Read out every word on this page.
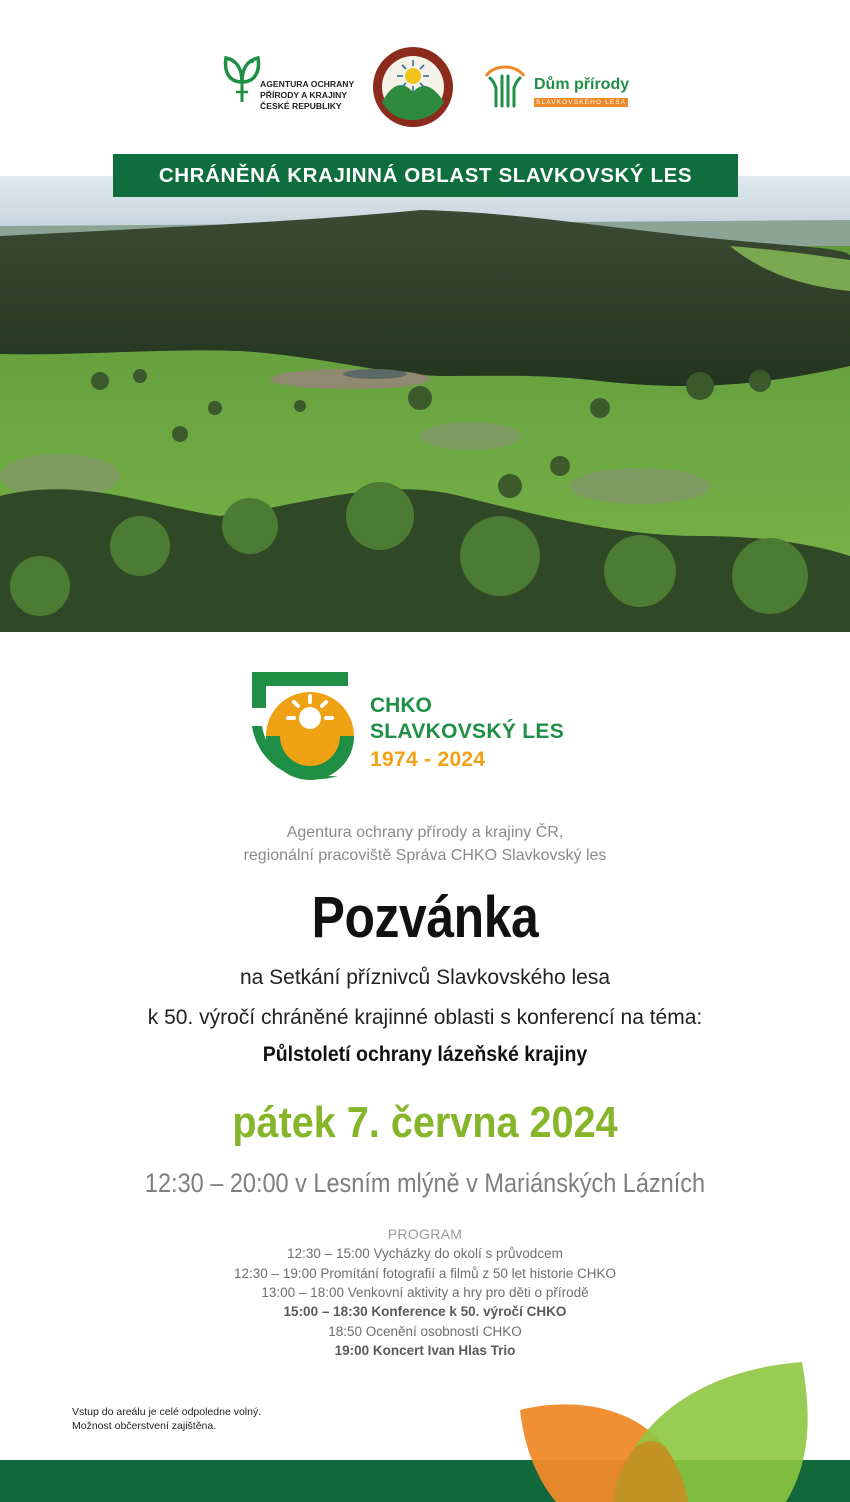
AGENTURA OCHRANY
PŘÍRODY A KRAJINY
ČESKÉ REPUBLIKY
Dům přírody
SLAVKOVSKÉHO LESA
CHRÁNĚNÁ KRAJINNÁ OBLAST SLAVKOVSKÝ LES
CHKO
SLAVKOVSKÝ LES
1974 - 2024
Agentura ochrany přírody a krajiny ČR,
regionální pracoviště Správa CHKO Slavkovský les
Pozvánka
na Setkání příznivců Slavkovského lesa
k 50. výročí chráněné krajinné oblasti s konferencí na téma:
Půlstoletí ochrany lázeňské krajiny
pátek 7. června 2024
12:30 – 20:00 v Lesním mlýně v Mariánských Lázních
PROGRAM
12:30 – 15:00 Vycházky do okolí s průvodcem
12:30 – 19:00 Promítání fotografií a filmů z 50 let historie CHKO
13:00 – 18:00 Venkovní aktivity a hry pro děti o přírodě
15:00 – 18:30 Konference k 50. výročí CHKO
18:50 Ocenění osobností CHKO
19:00 Koncert Ivan Hlas Trio
Vstup do areálu je celé odpoledne volný.
Možnost občerstvení zajištěna.
